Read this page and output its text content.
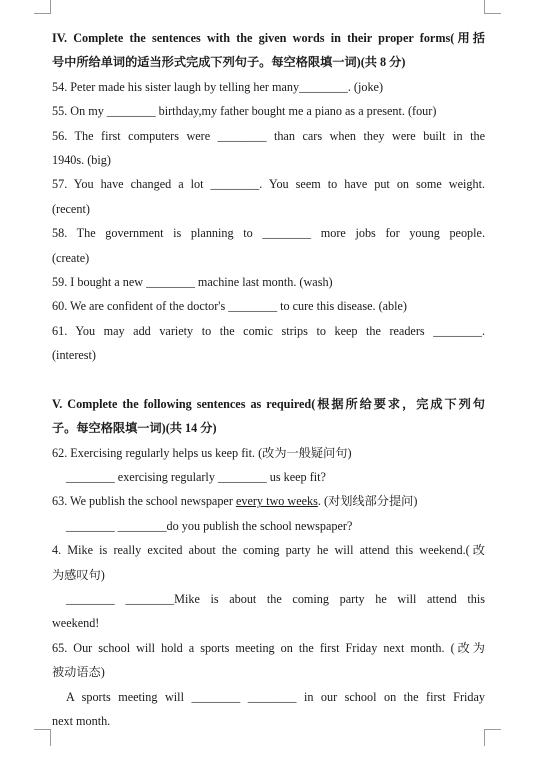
IV. Complete the sentences with the given words in their proper forms(用括
号中所给单词的适当形式完成下列句子。每空格限填一词)(共 8 分)
54. Peter made his sister laugh by telling her many________. (joke)
55. On my ________ birthday,my father bought me a piano as a present. (four)
56. The first computers were ________ than cars when they were built in the
1940s. (big)
57. You have changed a lot ________. You seem to have put on some weight.
(recent)
58. The government is planning to ________ more jobs for young people.
(create)
59. I bought a new ________ machine last month. (wash)
60. We are confident of the doctor's ________ to cure this disease. (able)
61. You may add variety to the comic strips to keep the readers ________.
(interest)
V. Complete the following sentences as required(根据所给要求，完成下列句
子。每空格限填一词)(共 14 分)
62. Exercising regularly helps us keep fit. (改为一般疑问句)
________ exercising regularly ________ us keep fit?
63. We publish the school newspaper every two weeks. (对划线部分提问)
________ ________do you publish the school newspaper?
4. Mike is really excited about the coming party he will attend this weekend.(改
为感叹句)
________ ________Mike is about the coming party he will attend this
weekend!
65. Our school will hold a sports meeting on the first Friday next month. (改为
被动语态)
A sports meeting will ________ ________ in our school on the first Friday
next month.
